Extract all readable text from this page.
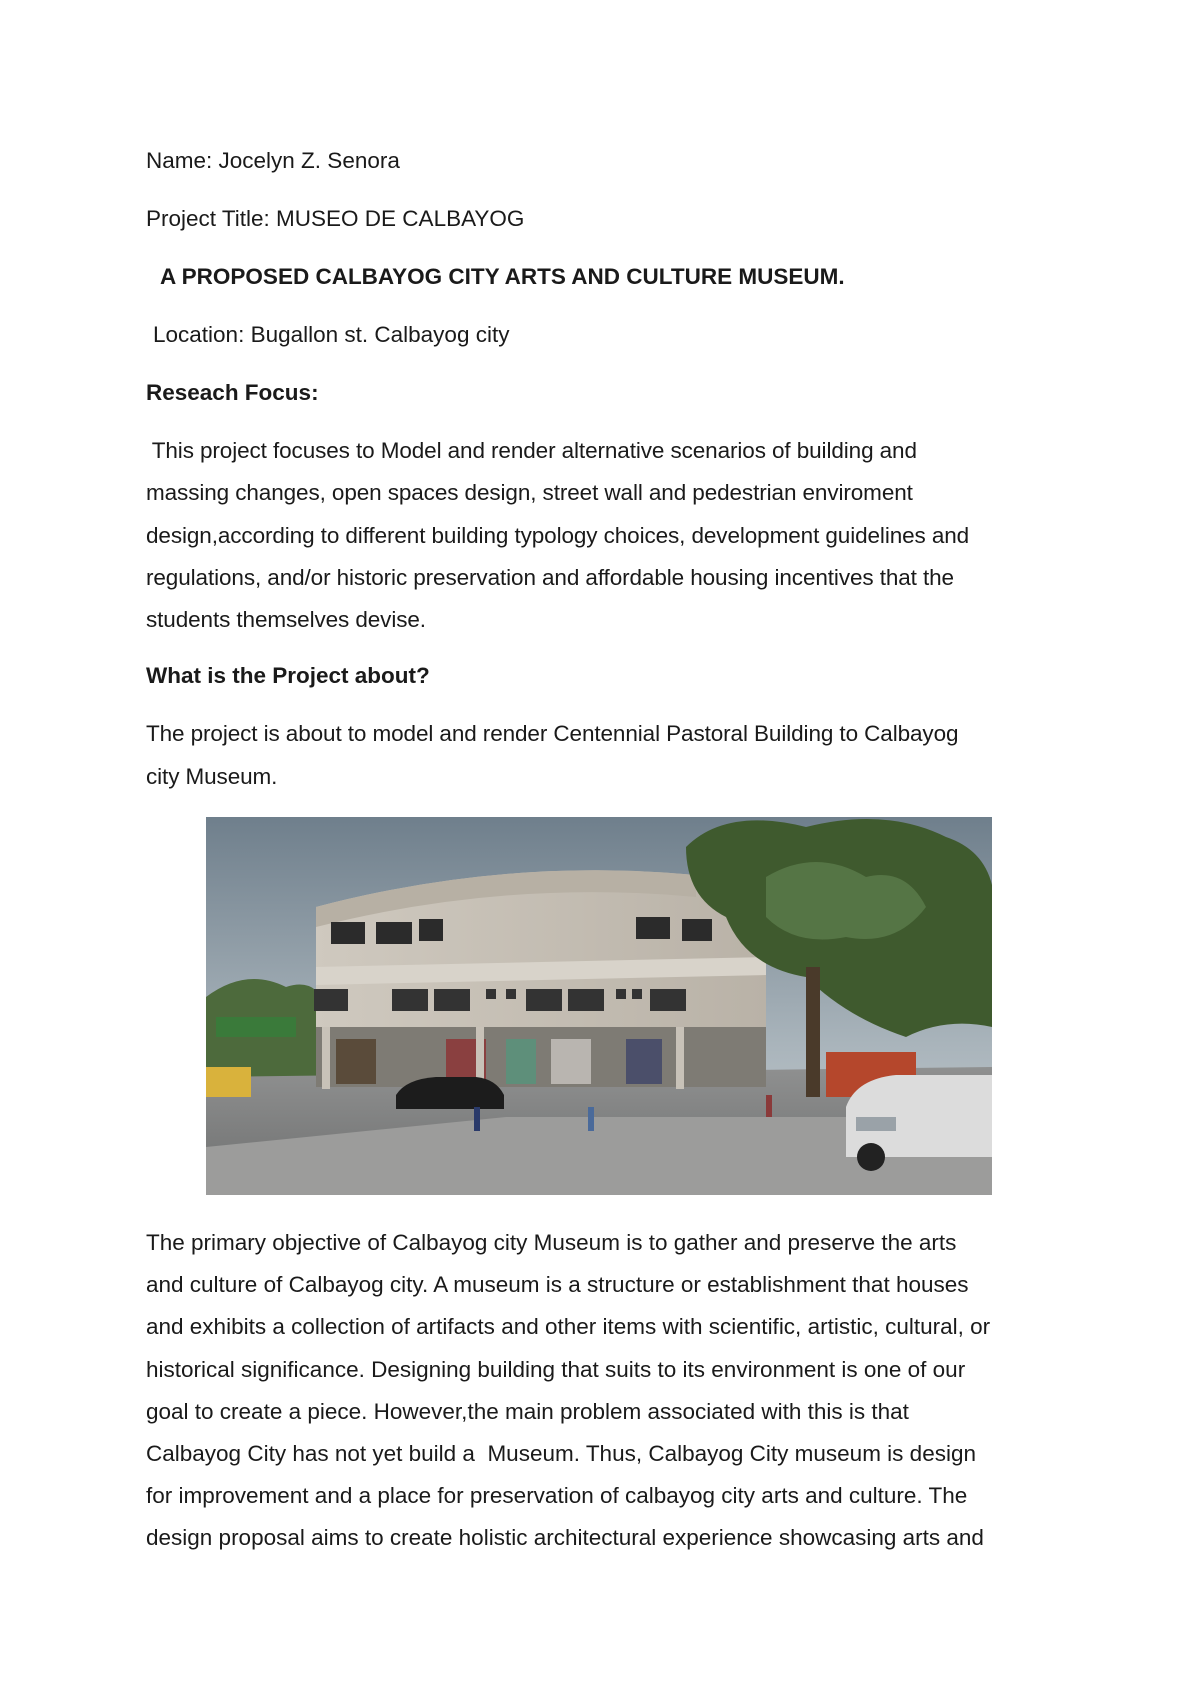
Name: Jocelyn Z. Senora
Project Title: MUSEO DE CALBAYOG
A PROPOSED CALBAYOG CITY ARTS AND CULTURE MUSEUM.
Location: Bugallon st. Calbayog city
Reseach Focus:
This project focuses to Model and render alternative scenarios of building and
massing changes, open spaces design, street wall and pedestrian enviroment
design,according to different building typology choices, development guidelines and
regulations, and/or historic preservation and affordable housing incentives that the
students themselves devise.
What is the Project about?
The project is about to model and render Centennial Pastoral Building to Calbayog
city Museum.
The primary objective of Calbayog city Museum is to gather and preserve the arts
and culture of Calbayog city. A museum is a structure or establishment that houses
and exhibits a collection of artifacts and other items with scientific, artistic, cultural, or
historical significance. Designing building that suits to its environment is one of our
goal to create a piece. However,the main problem associated with this is that
Calbayog City has not yet build a  Museum. Thus, Calbayog City museum is design
for improvement and a place for preservation of calbayog city arts and culture. The
design proposal aims to create holistic architectural experience showcasing arts and
